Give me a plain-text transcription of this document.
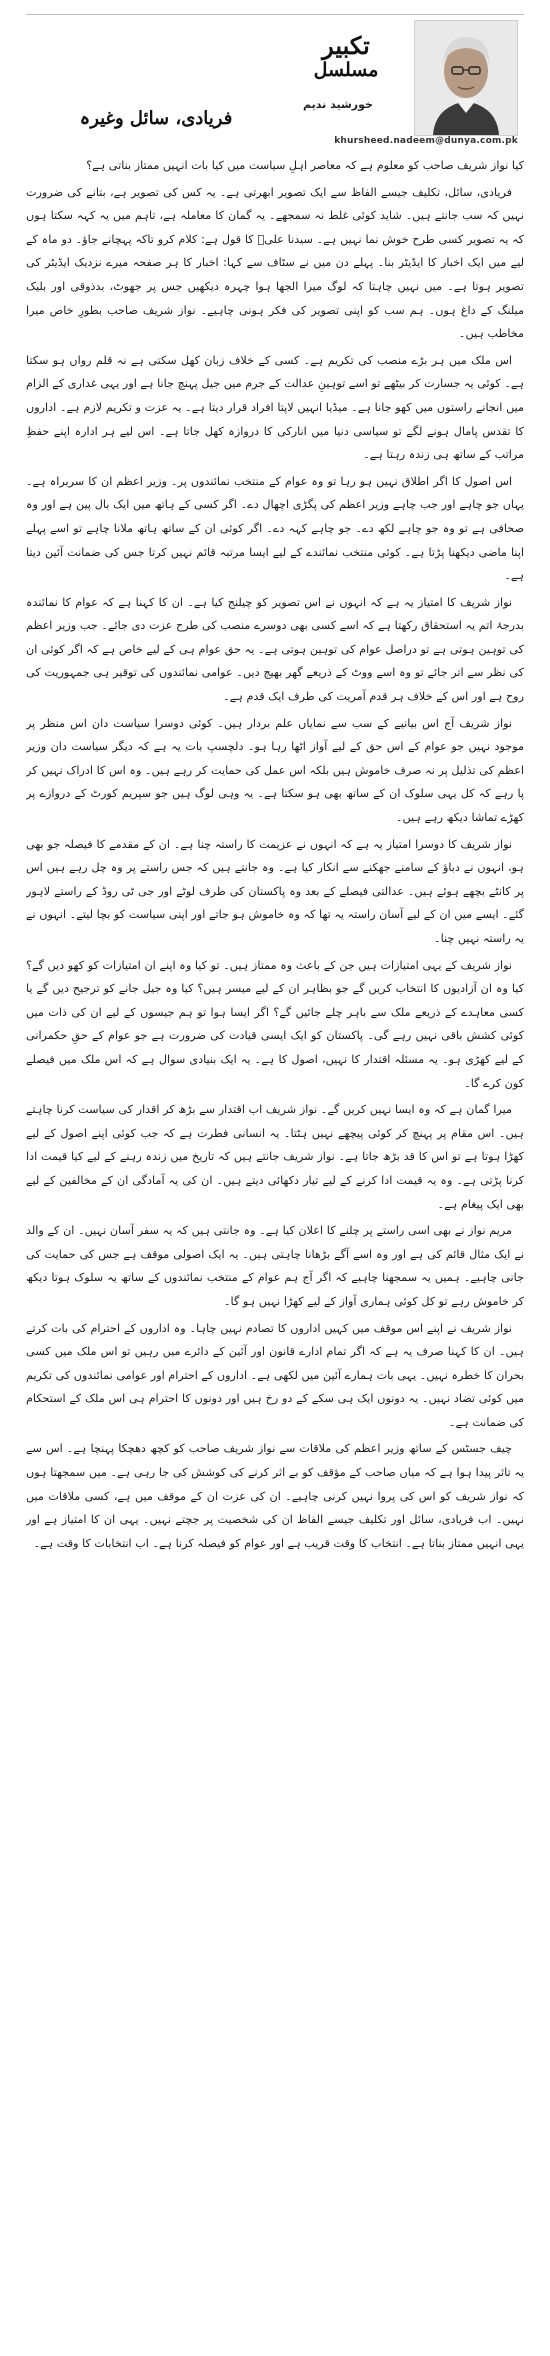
تکبیر
مسلسل
خورشید ندیم
فریادی، سائل وغیرہ
khursheed.nadeem@dunya.com.pk

کیا نواز شریف صاحب کو معلوم ہے کہ معاصر اہلِ سیاست میں کیا بات انہیں ممتاز بناتی ہے؟

فریادی، سائل، تکلیف جیسے الفاظ سے ایک تصویر ابھرتی ہے۔ یہ کس کی تصویر ہے، بتانے کی ضرورت نہیں کہ سب جانتے ہیں۔ شاید کوئی غلط نہ سمجھے۔ یہ گمان کا معاملہ ہے، تاہم میں یہ کہہ سکتا ہوں کہ یہ تصویر کسی طرح خوش نما نہیں ہے۔ سیدنا علیؓ کا قول ہے: کلام کرو تاکہ پہچانے جاؤ۔ دو ماہ کے لیے میں ایک اخبار کا ایڈیٹر بنا۔ پہلے دن میں نے سٹاف سے کہا: اخبار کا ہر صفحہ میرے نزدیک ایڈیٹر کی تصویر ہوتا ہے۔ میں نہیں چاہتا کہ لوگ میرا الجھا ہوا چہرہ دیکھیں جس پر جھوٹ، بدذوقی اور بلیک میلنگ کے داغ ہوں۔ ہم سب کو اپنی تصویر کی فکر ہونی چاہیے۔ نواز شریف صاحب بطورِ خاص میرا مخاطب ہیں۔

اس ملک میں ہر بڑے منصب کی تکریم ہے۔ کسی کے خلاف زبان کھل سکتی ہے نہ قلم رواں ہو سکتا ہے۔ کوئی یہ جسارت کر بیٹھے تو اسے توہینِ عدالت کے جرم میں جیل پہنچ جانا ہے اور یہی غداری کے الزام میں انجانے راستوں میں کھو جانا ہے۔ میڈیا انہیں لاپتا افراد قرار دیتا ہے۔ یہ عزت و تکریم لازم ہے۔ اداروں کا تقدس پامال ہونے لگے تو سیاسی دنیا میں انارکی کا دروازہ کھل جاتا ہے۔ اس لیے ہر ادارہ اپنے حفظِ مراتب کے ساتھ ہی زندہ رہتا ہے۔

اس اصول کا اگر اطلاق نہیں ہو رہا تو وہ عوام کے منتخب نمائندوں پر۔ وزیر اعظم ان کا سربراہ ہے۔ یہاں جو چاہے اور جب چاہے وزیر اعظم کی پگڑی اچھال دے۔ اگر کسی کے ہاتھ میں ایک بال پین ہے اور وہ صحافی ہے تو وہ جو چاہے لکھ دے۔ جو چاہے کہہ دے۔ اگر کوئی ان کے ساتھ ہاتھ ملانا چاہے تو اسے پہلے اپنا ماضی دیکھنا پڑتا ہے۔ کوئی منتخب نمائندے کے لیے ایسا مرتبہ قائم نہیں کرتا جس کی ضمانت آئین دیتا ہے۔

نواز شریف کا امتیاز یہ ہے کہ انہوں نے اس تصویر کو چیلنج کیا ہے۔ ان کا کہنا ہے کہ عوام کا نمائندہ بدرجۂ اتم یہ استحقاق رکھتا ہے کہ اسے کسی بھی دوسرے منصب کی طرح عزت دی جائے۔ جب وزیر اعظم کی توہین ہوتی ہے تو دراصل عوام کی توہین ہوتی ہے۔ یہ حق عوام ہی کے لیے خاص ہے کہ اگر کوئی ان کی نظر سے اتر جائے تو وہ اسے ووٹ کے ذریعے گھر بھیج دیں۔ عوامی نمائندوں کی توقیر ہی جمہوریت کی روح ہے اور اس کے خلاف ہر قدم آمریت کی طرف ایک قدم ہے۔

نواز شریف آج اس بیانیے کے سب سے نمایاں علم بردار ہیں۔ کوئی دوسرا سیاست دان اس منظر پر موجود نہیں جو عوام کے اس حق کے لیے آواز اٹھا رہا ہو۔ دلچسپ بات یہ ہے کہ دیگر سیاست دان وزیر اعظم کی تذلیل پر نہ صرف خاموش ہیں بلکہ اس عمل کی حمایت کر رہے ہیں۔ وہ اس کا ادراک نہیں کر پا رہے کہ کل یہی سلوک ان کے ساتھ بھی ہو سکتا ہے۔ یہ وہی لوگ ہیں جو سپریم کورٹ کے دروازے پر کھڑے تماشا دیکھ رہے ہیں۔

نواز شریف کا دوسرا امتیاز یہ ہے کہ انہوں نے عزیمت کا راستہ چنا ہے۔ ان کے مقدمے کا فیصلہ جو بھی ہو، انہوں نے دباؤ کے سامنے جھکنے سے انکار کیا ہے۔ وہ جانتے ہیں کہ جس راستے پر وہ چل رہے ہیں اس پر کانٹے بچھے ہوئے ہیں۔ عدالتی فیصلے کے بعد وہ پاکستان کی طرف لوٹے اور جی ٹی روڈ کے راستے لاہور گئے۔ ایسے میں ان کے لیے آسان راستہ یہ تھا کہ وہ خاموش ہو جاتے اور اپنی سیاست کو بچا لیتے۔ انہوں نے یہ راستہ نہیں چنا۔

نواز شریف کے یہی امتیازات ہیں جن کے باعث وہ ممتاز ہیں۔ تو کیا وہ اپنے ان امتیازات کو کھو دیں گے؟ کیا وہ ان آزادیوں کا انتخاب کریں گے جو بظاہر ان کے لیے میسر ہیں؟ کیا وہ جیل جانے کو ترجیح دیں گے یا کسی معاہدے کے ذریعے ملک سے باہر چلے جائیں گے؟ اگر ایسا ہوا تو ہم جیسوں کے لیے ان کی ذات میں کوئی کشش باقی نہیں رہے گی۔ پاکستان کو ایک ایسی قیادت کی ضرورت ہے جو عوام کے حقِ حکمرانی کے لیے کھڑی ہو۔ یہ مسئلہ اقتدار کا نہیں، اصول کا ہے۔ یہ ایک بنیادی سوال ہے کہ اس ملک میں فیصلے کون کرے گا۔

میرا گمان ہے کہ وہ ایسا نہیں کریں گے۔ نواز شریف اب اقتدار سے بڑھ کر اقدار کی سیاست کرنا چاہتے ہیں۔ اس مقام پر پہنچ کر کوئی پیچھے نہیں ہٹتا۔ یہ انسانی فطرت ہے کہ جب کوئی اپنے اصول کے لیے کھڑا ہوتا ہے تو اس کا قد بڑھ جاتا ہے۔ نواز شریف جانتے ہیں کہ تاریخ میں زندہ رہنے کے لیے کیا قیمت ادا کرنا پڑتی ہے۔ وہ یہ قیمت ادا کرنے کے لیے تیار دکھائی دیتے ہیں۔ ان کی یہ آمادگی ان کے مخالفین کے لیے بھی ایک پیغام ہے۔

مریم نواز نے بھی اسی راستے پر چلنے کا اعلان کیا ہے۔ وہ جانتی ہیں کہ یہ سفر آسان نہیں۔ ان کے والد نے ایک مثال قائم کی ہے اور وہ اسے آگے بڑھانا چاہتی ہیں۔ یہ ایک اصولی موقف ہے جس کی حمایت کی جانی چاہیے۔ ہمیں یہ سمجھنا چاہیے کہ اگر آج ہم عوام کے منتخب نمائندوں کے ساتھ یہ سلوک ہوتا دیکھ کر خاموش رہے تو کل کوئی ہماری آواز کے لیے کھڑا نہیں ہو گا۔

نواز شریف نے اپنے اس موقف میں کہیں اداروں کا تصادم نہیں چاہا۔ وہ اداروں کے احترام کی بات کرتے ہیں۔ ان کا کہنا صرف یہ ہے کہ اگر تمام ادارے قانون اور آئین کے دائرے میں رہیں تو اس ملک میں کسی بحران کا خطرہ نہیں۔ یہی بات ہمارے آئین میں لکھی ہے۔ اداروں کے احترام اور عوامی نمائندوں کی تکریم میں کوئی تضاد نہیں۔ یہ دونوں ایک ہی سکے کے دو رخ ہیں اور دونوں کا احترام ہی اس ملک کے استحکام کی ضمانت ہے۔

چیف جسٹس کے ساتھ وزیر اعظم کی ملاقات سے نواز شریف صاحب کو کچھ دھچکا پہنچا ہے۔ اس سے یہ تاثر پیدا ہوا ہے کہ میاں صاحب کے مؤقف کو بے اثر کرنے کی کوشش کی جا رہی ہے۔ میں سمجھتا ہوں کہ نواز شریف کو اس کی پروا نہیں کرنی چاہیے۔ ان کی عزت ان کے موقف میں ہے، کسی ملاقات میں نہیں۔ اب فریادی، سائل اور تکلیف جیسے الفاظ ان کی شخصیت پر جچتے نہیں۔ یہی ان کا امتیاز ہے اور یہی انہیں ممتاز بناتا ہے۔ انتخاب کا وقت قریب ہے اور عوام کو فیصلہ کرنا ہے۔ اب انتخابات کا وقت ہے۔
